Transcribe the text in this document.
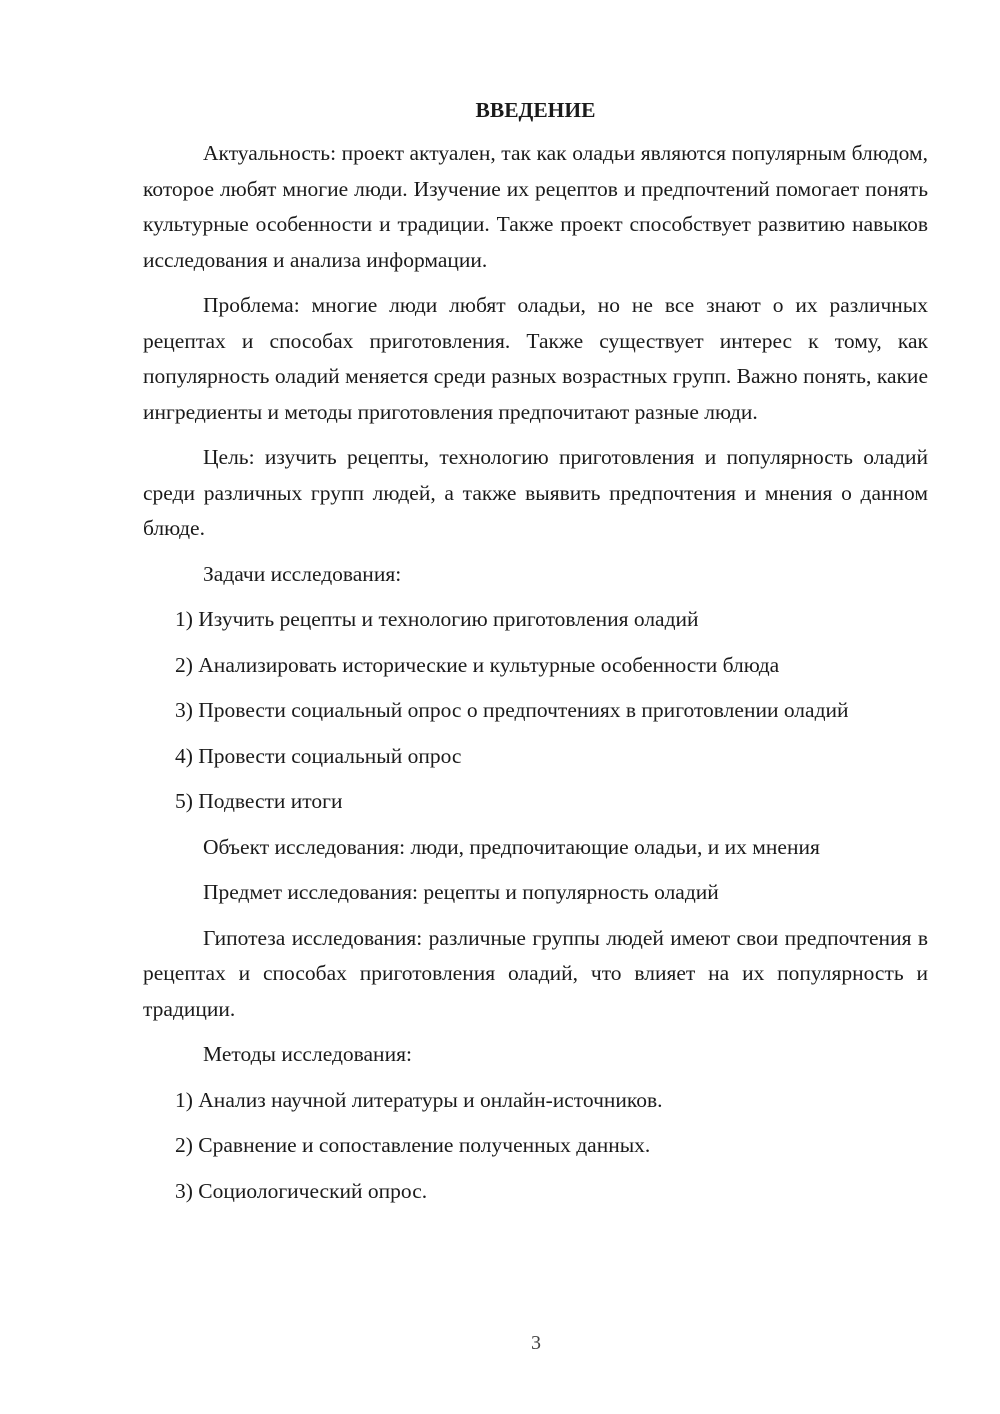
ВВЕДЕНИЕ

Актуальность: проект актуален, так как оладьи являются популярным блюдом, которое любят многие люди. Изучение их рецептов и предпочтений помогает понять культурные особенности и традиции. Также проект способствует развитию навыков исследования и анализа информации.

Проблема: многие люди любят оладьи, но не все знают о их различных рецептах и способах приготовления. Также существует интерес к тому, как популярность оладий меняется среди разных возрастных групп. Важно понять, какие ингредиенты и методы приготовления предпочитают разные люди.

Цель: изучить рецепты, технологию приготовления и популярность оладий среди различных групп людей, а также выявить предпочтения и мнения о данном блюде.

Задачи исследования:
1) Изучить рецепты и технологию приготовления оладий
2) Анализировать исторические и культурные особенности блюда
3) Провести социальный опрос о предпочтениях в приготовлении оладий
4) Провести социальный опрос
5) Подвести итоги
Объект исследования: люди, предпочитающие оладьи, и их мнения
Предмет исследования: рецепты и популярность оладий

Гипотеза исследования: различные группы людей имеют свои предпочтения в рецептах и способах приготовления оладий, что влияет на их популярность и традиции.

Методы исследования:
1) Анализ научной литературы и онлайн-источников.
2) Сравнение и сопоставление полученных данных.
3) Социологический опрос.
3
